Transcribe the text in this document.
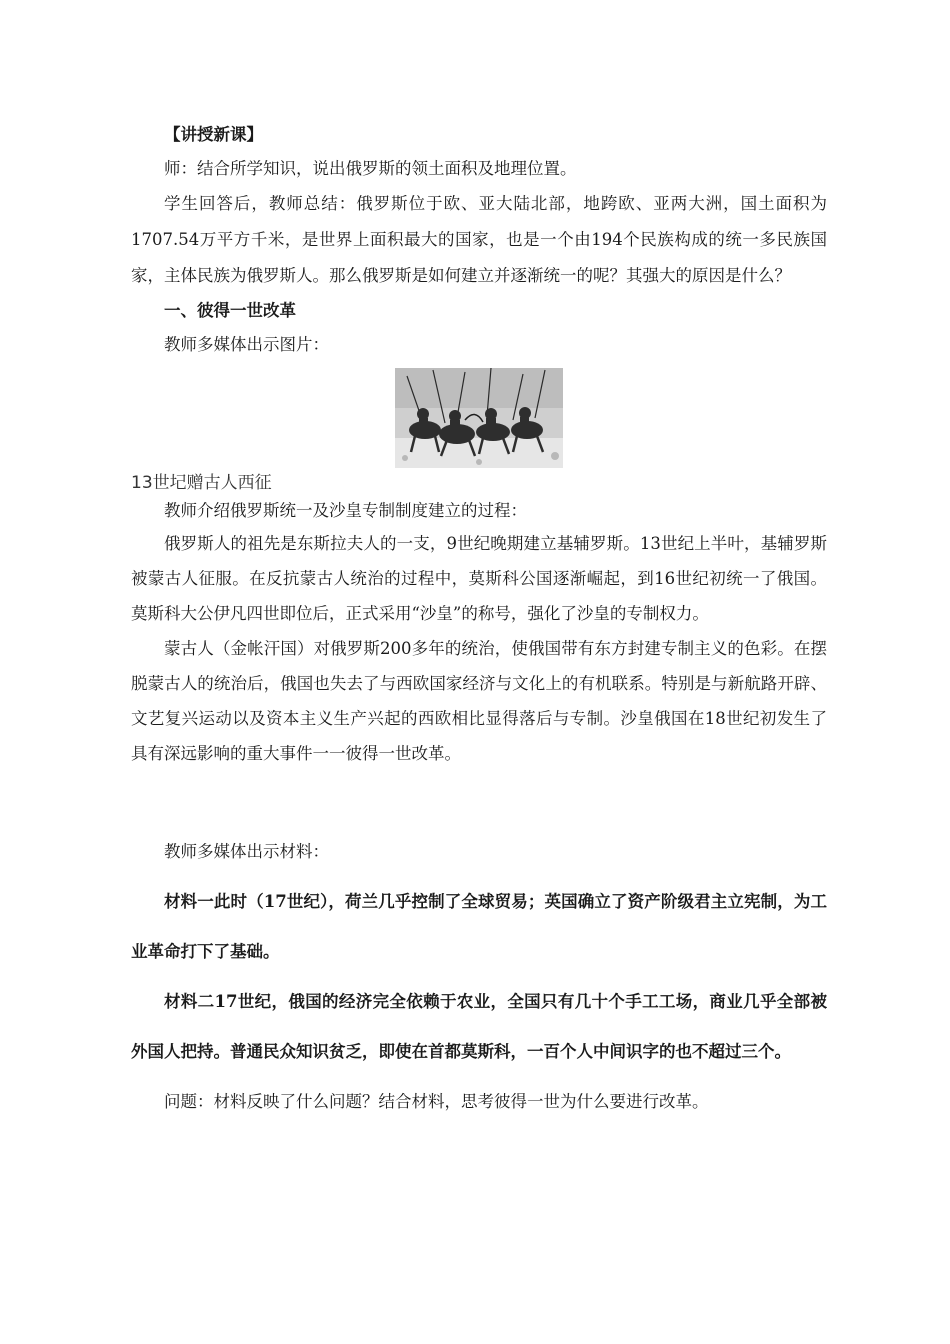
【讲授新课】

师：结合所学知识，说出俄罗斯的领土面积及地理位置。

学生回答后，教师总结：俄罗斯位于欧、亚大陆北部，地跨欧、亚两大洲，国土面积为1707.54万平方千米，是世界上面积最大的国家，也是一个由194个民族构成的统一多民族国家，主体民族为俄罗斯人。那么俄罗斯是如何建立并逐渐统一的呢？其强大的原因是什么？

一、彼得一世改革

教师多媒体出示图片：

13世圮赠古人西征

教师介绍俄罗斯统一及沙皇专制制度建立的过程：

俄罗斯人的祖先是东斯拉夫人的一支，9世纪晚期建立基辅罗斯。13世纪上半叶，基辅罗斯被蒙古人征服。在反抗蒙古人统治的过程中，莫斯科公国逐渐崛起，到16世纪初统一了俄国。莫斯科大公伊凡四世即位后，正式采用“沙皇”的称号，强化了沙皇的专制权力。

蒙古人（金帐汗国）对俄罗斯200多年的统治，使俄国带有东方封建专制主义的色彩。在摆脱蒙古人的统治后，俄国也失去了与西欧国家经济与文化上的有机联系。特别是与新航路开辟、文艺复兴运动以及资本主义生产兴起的西欧相比显得落后与专制。沙皇俄国在18世纪初发生了具有深远影响的重大事件一一彼得一世改革。

教师多媒体出示材料：

材料一此时（17世纪），荷兰几乎控制了全球贸易；英国确立了资产阶级君主立宪制，为工业革命打下了基础。

材料二17世纪，俄国的经济完全依赖于农业，全国只有几十个手工工场，商业几乎全部被外国人把持。普通民众知识贫乏，即使在首都莫斯科，一百个人中间识字的也不超过三个。

问题：材料反映了什么问题？结合材料，思考彼得一世为什么要进行改革。
